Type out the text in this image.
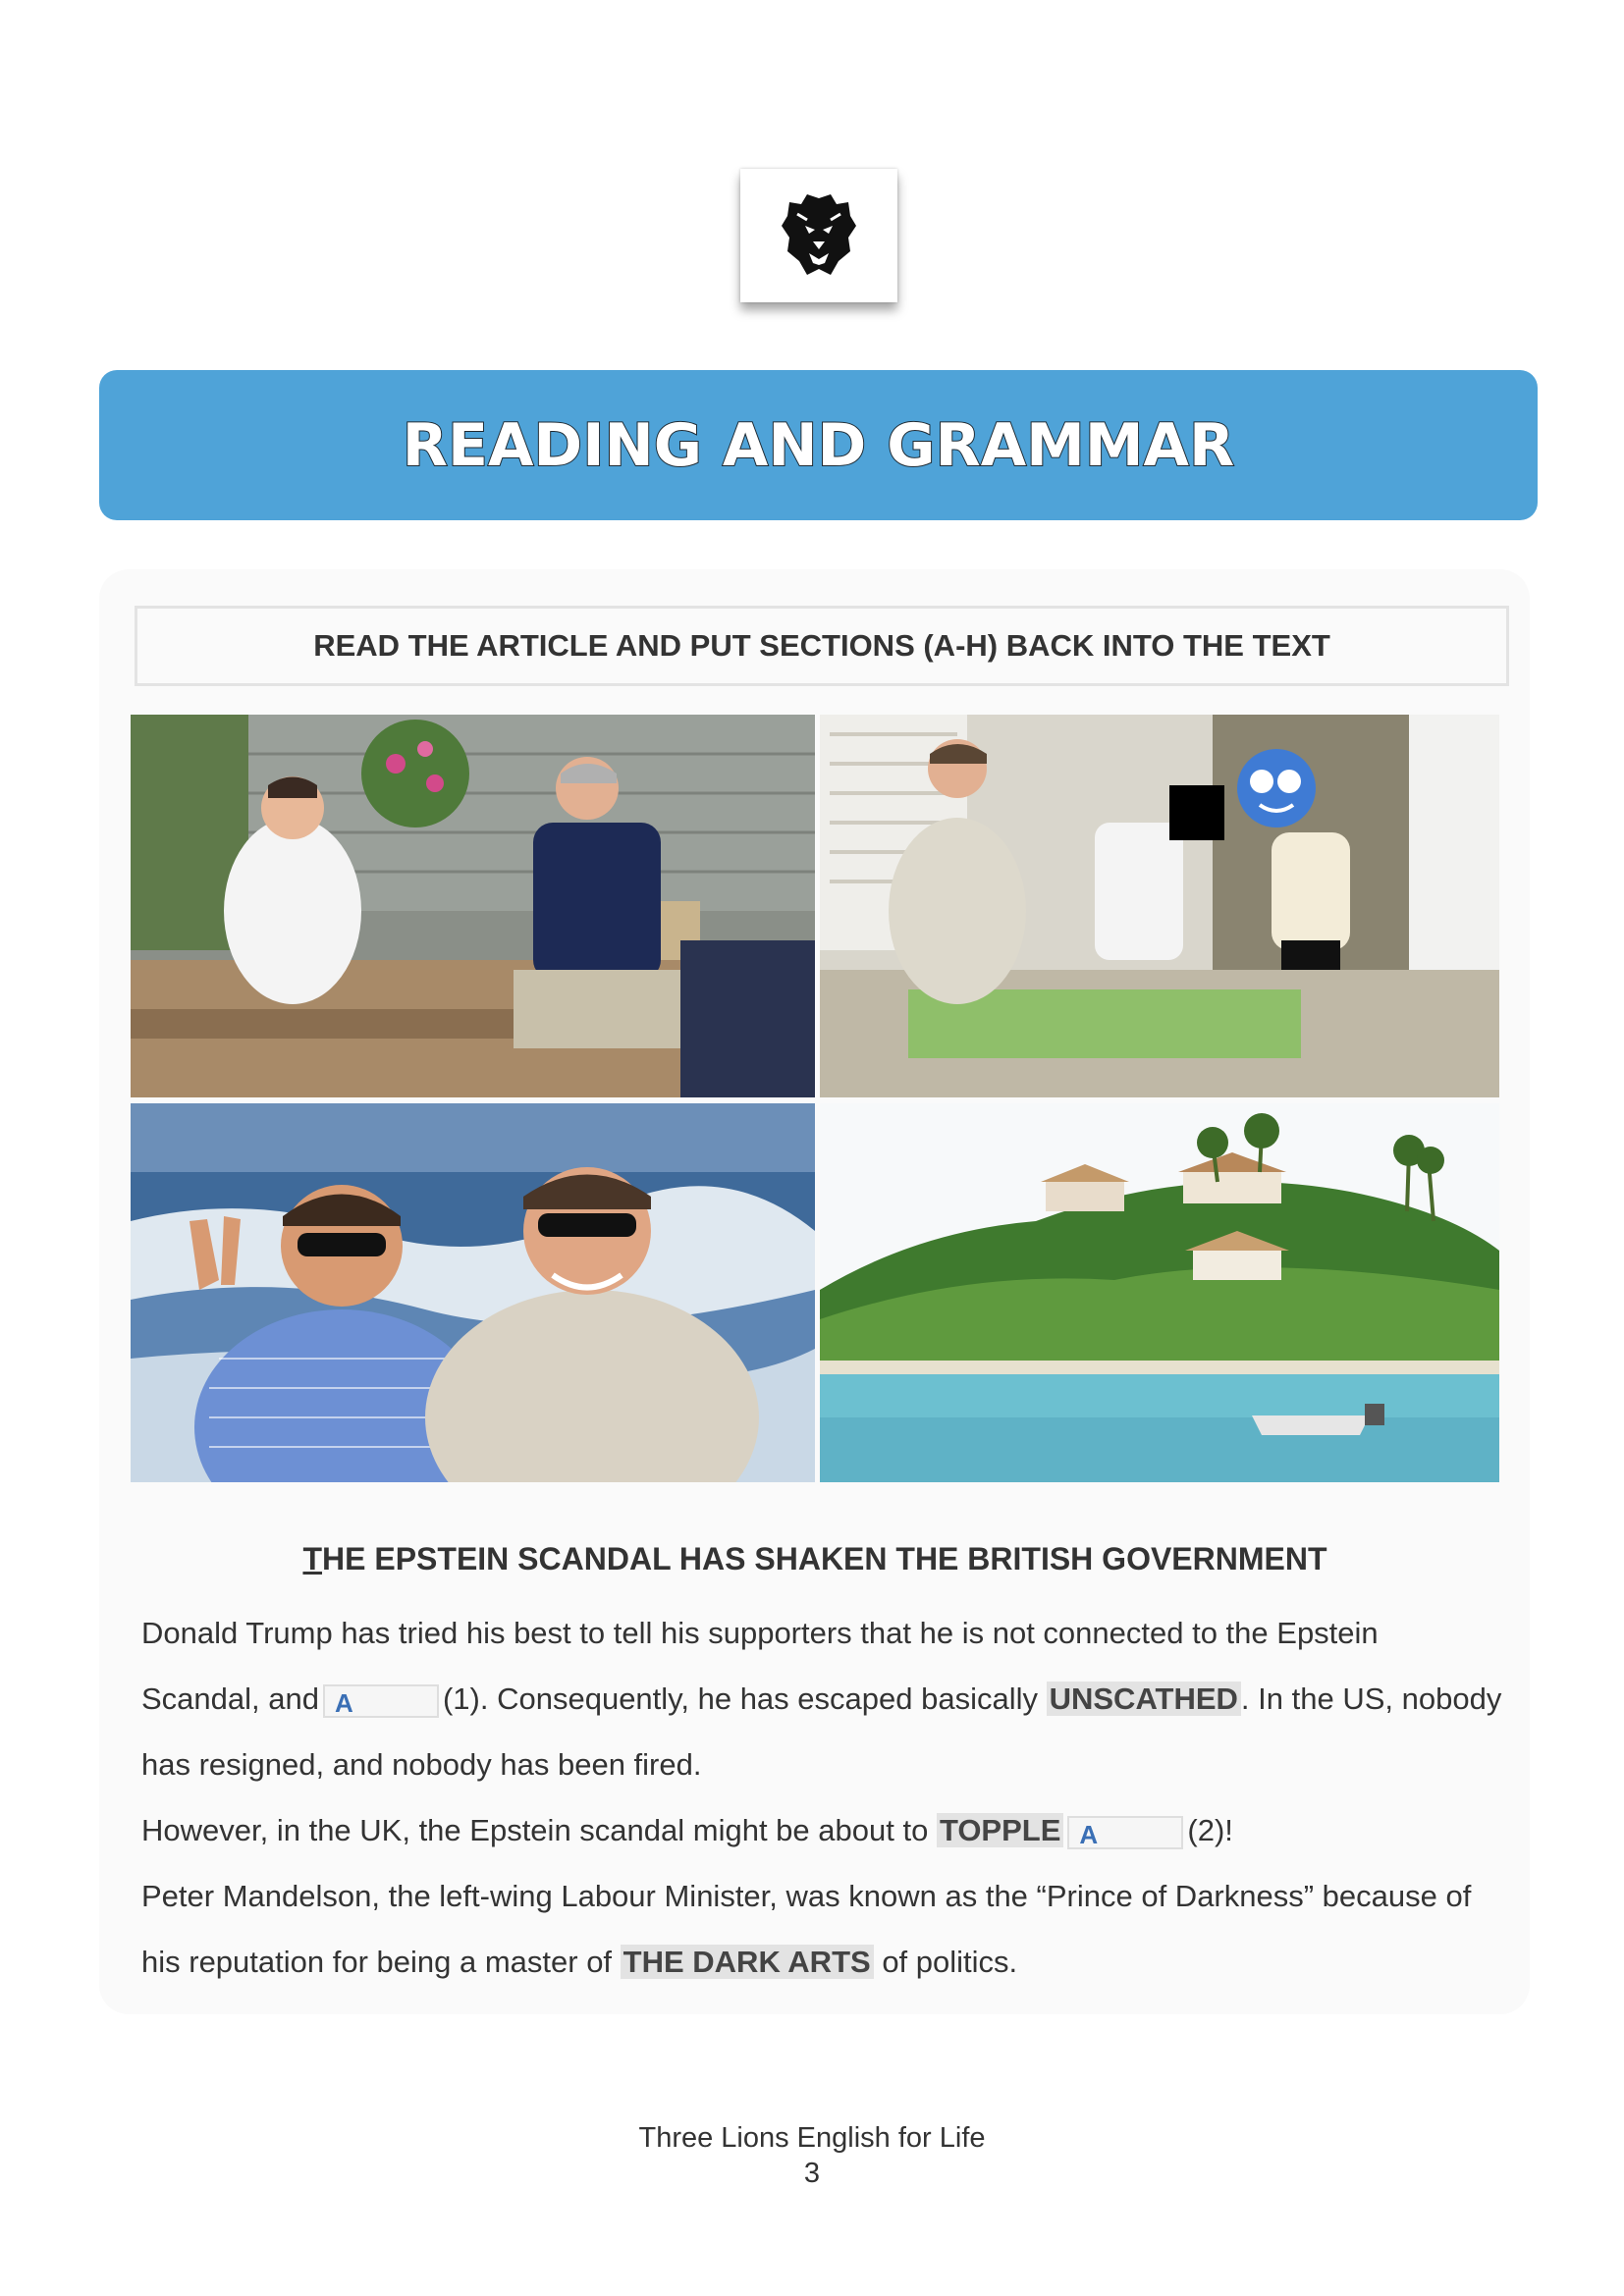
READING AND GRAMMAR
READ THE ARTICLE AND PUT SECTIONS (A-H) BACK INTO THE TEXT
THE EPSTEIN SCANDAL HAS SHAKEN THE BRITISH GOVERNMENT
Donald Trump has tried his best to tell his supporters that he is not connected to the Epstein
Scandal, and A	(1). Consequently, he has escaped basically UNSCATHED. In the US, nobody
has resigned, and nobody has been fired.
However, in the UK, the Epstein scandal might be about to TOPPLE A	(2)!
Peter Mandelson, the left-wing Labour Minister, was known as the “Prince of Darkness” because of
his reputation for being a master of THE DARK ARTS of politics.
Three Lions English for Life
3
